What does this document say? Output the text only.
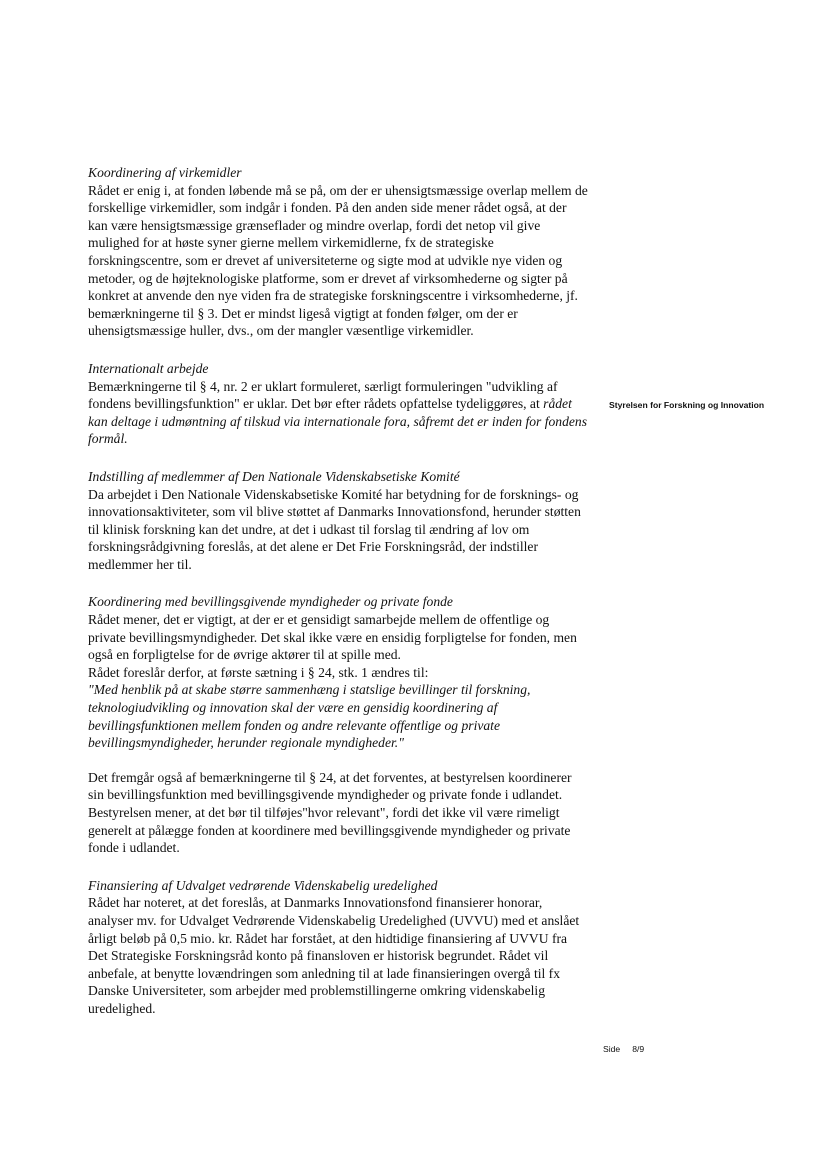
Koordinering af virkemidler
Rådet er enig i, at fonden løbende må se på, om der er uhensigtsmæssige overlap mellem de forskellige virkemidler, som indgår i fonden. På den anden side mener rådet også, at der kan være hensigtsmæssige grænseflader og mindre overlap, fordi det netop vil give mulighed for at høste syner gierne mellem virkemidlerne, fx de strategiske forskningscentre, som er drevet af universiteterne og sigte mod at udvikle nye viden og metoder, og de højteknologiske platforme, som er drevet af virksomhederne og sigter på konkret at anvende den nye viden fra de strategiske forskningscentre i virksomhederne, jf. bemærkningerne til § 3. Det er mindst ligeså vigtigt at fonden følger, om der er uhensigtsmæssige huller, dvs., om der mangler væsentlige virkemidler.
Internationalt arbejde
Bemærkningerne til § 4, nr. 2 er uklart formuleret, særligt formuleringen "udvikling af fondens bevillingsfunktion" er uklar. Det bør efter rådets opfattelse tydeliggøres, at rådet kan deltage i udmøntning af tilskud via internationale fora, såfremt det er inden for fondens formål.
Indstilling af medlemmer af Den Nationale Videnskabsetiske Komité
Da arbejdet i Den Nationale Videnskabsetiske Komité har betydning for de forsknings- og innovationsaktiviteter, som vil blive støttet af Danmarks Innovationsfond, herunder støtten til klinisk forskning kan det undre, at det i udkast til forslag til ændring af lov om forskningsrådgivning foreslås, at det alene er Det Frie Forskningsråd, der indstiller medlemmer her til.
Koordinering med bevillingsgivende myndigheder og private fonde
Rådet mener, det er vigtigt, at der er et gensidigt samarbejde mellem de offentlige og private bevillingsmyndigheder. Det skal ikke være en ensidig forpligtelse for fonden, men også en forpligtelse for de øvrige aktører til at spille med.
Rådet foreslår derfor, at første sætning i § 24, stk. 1 ændres til:
"Med henblik på at skabe større sammenhæng i statslige bevillinger til forskning, teknologiudvikling og innovation skal der være en gensidig koordinering af bevillingsfunktionen mellem fonden og andre relevante offentlige og private bevillingsmyndigheder, herunder regionale myndigheder."
Det fremgår også af bemærkningerne til § 24, at det forventes, at bestyrelsen koordinerer sin bevillingsfunktion med bevillingsgivende myndigheder og private fonde i udlandet. Bestyrelsen mener, at det bør til tilføjes"hvor relevant", fordi det ikke vil være rimeligt generelt at pålægge fonden at koordinere med bevillingsgivende myndigheder og private fonde i udlandet.
Finansiering af Udvalget vedrørende Videnskabelig uredelighed
Rådet har noteret, at det foreslås, at Danmarks Innovationsfond finansierer honorar, analyser mv. for Udvalget Vedrørende Videnskabelig Uredelighed (UVVU) med et anslået årligt beløb på 0,5 mio. kr. Rådet har forstået, at den hidtidige finansiering af UVVU fra Det Strategiske Forskningsråd konto på finansloven er historisk begrundet. Rådet vil anbefale, at benytte lovændringen som anledning til at lade finansieringen overgå til fx Danske Universiteter, som arbejder med problemstillingerne omkring videnskabelig uredelighed.
Styrelsen for Forskning og Innovation
Side 8/9
